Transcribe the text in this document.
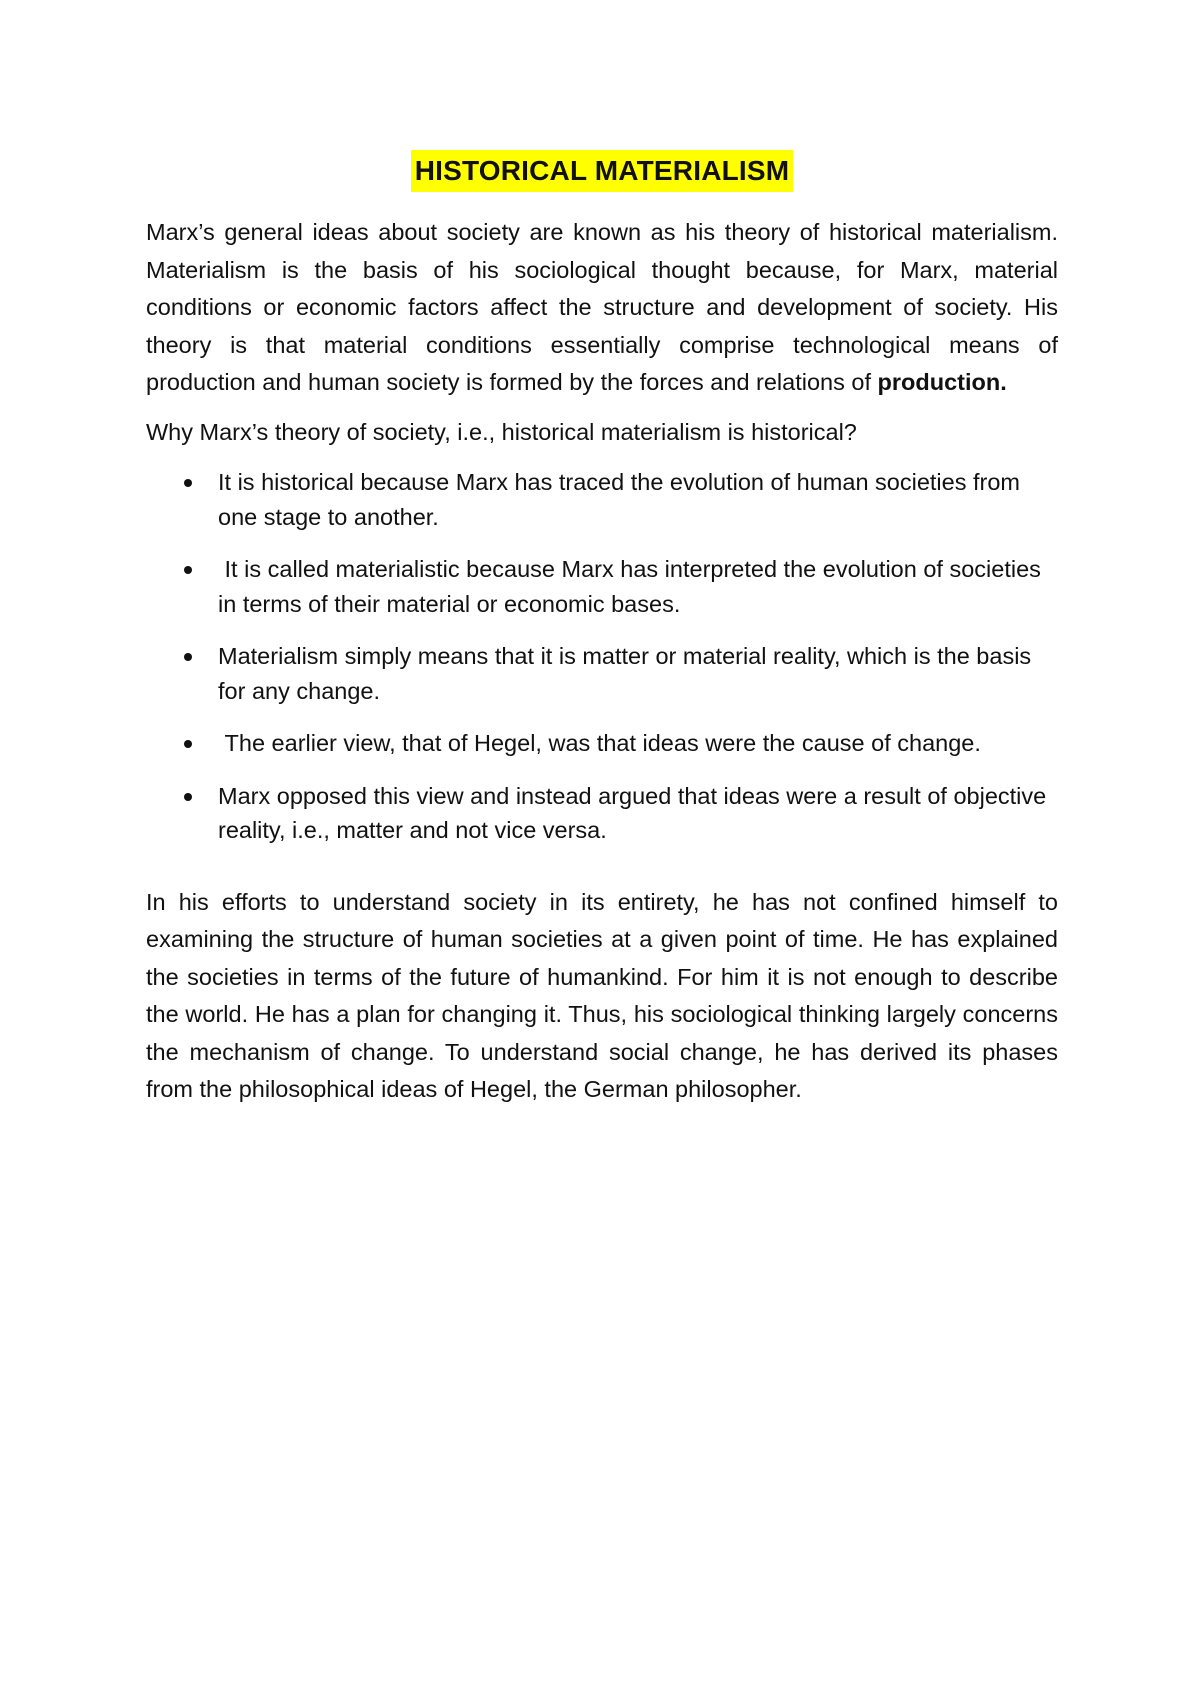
HISTORICAL MATERIALISM

Marx’s general ideas about society are known as his theory of historical materialism. Materialism is the basis of his sociological thought because, for Marx, material conditions or economic factors affect the structure and development of society. His theory is that material conditions essentially comprise technological means of production and human society is formed by the forces and relations of production.

Why Marx’s theory of society, i.e., historical materialism is historical?

It is historical because Marx has traced the evolution of human societies from one stage to another.
It is called materialistic because Marx has interpreted the evolution of societies in terms of their material or economic bases.
Materialism simply means that it is matter or material reality, which is the basis for any change.
The earlier view, that of Hegel, was that ideas were the cause of change.
Marx opposed this view and instead argued that ideas were a result of objective reality, i.e., matter and not vice versa.

In his efforts to understand society in its entirety, he has not confined himself to examining the structure of human societies at a given point of time. He has explained the societies in terms of the future of humankind. For him it is not enough to describe the world. He has a plan for changing it. Thus, his sociological thinking largely concerns the mechanism of change. To understand social change, he has derived its phases from the philosophical ideas of Hegel, the German philosopher.
